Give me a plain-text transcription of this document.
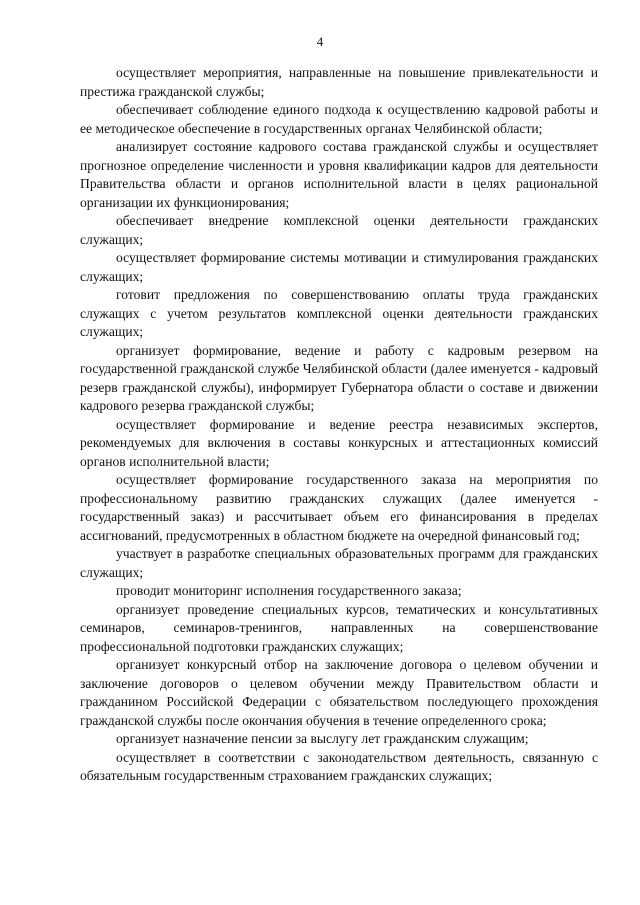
4

осуществляет мероприятия, направленные на повышение привлекательности и престижа гражданской службы;

обеспечивает соблюдение единого подхода к осуществлению кадровой работы и ее методическое обеспечение в государственных органах Челябинской области;

анализирует состояние кадрового состава гражданской службы и осуществляет прогнозное определение численности и уровня квалификации кадров для деятельности Правительства области и органов исполнительной власти в целях рациональной организации их функционирования;

обеспечивает внедрение комплексной оценки деятельности гражданских служащих;

осуществляет формирование системы мотивации и стимулирования гражданских служащих;

готовит предложения по совершенствованию оплаты труда гражданских служащих с учетом результатов комплексной оценки деятельности гражданских служащих;

организует формирование, ведение и работу с кадровым резервом на государственной гражданской службе Челябинской области (далее именуется - кадровый резерв гражданской службы), информирует Губернатора области о составе и движении кадрового резерва гражданской службы;

осуществляет формирование и ведение реестра независимых экспертов, рекомендуемых для включения в составы конкурсных и аттестационных комиссий органов исполнительной власти;

осуществляет формирование государственного заказа на мероприятия по профессиональному развитию гражданских служащих (далее именуется - государственный заказ) и рассчитывает объем его финансирования в пределах ассигнований, предусмотренных в областном бюджете на очередной финансовый год;

участвует в разработке специальных образовательных программ для гражданских служащих;

проводит мониторинг исполнения государственного заказа;

организует проведение специальных курсов, тематических и консультативных семинаров, семинаров-тренингов, направленных на совершенствование профессиональной подготовки гражданских служащих;

организует конкурсный отбор на заключение договора о целевом обучении и заключение договоров о целевом обучении между Правительством области и гражданином Российской Федерации с обязательством последующего прохождения гражданской службы после окончания обучения в течение определенного срока;

организует назначение пенсии за выслугу лет гражданским служащим;

осуществляет в соответствии с законодательством деятельность, связанную с обязательным государственным страхованием гражданских служащих;
